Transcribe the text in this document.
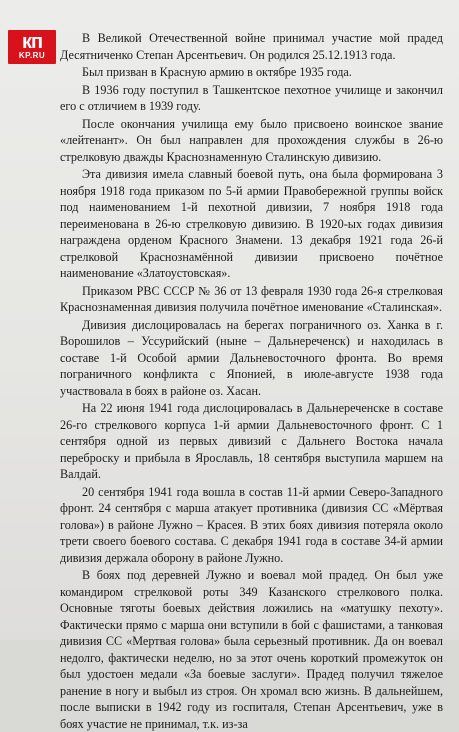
кп
KP.RU

В Великой Отечественной войне принимал участие мой прадед Десятниченко Степан Арсентьевич. Он родился 25.12.1913 года.

Был призван в Красную армию в октябре 1935 года.

В 1936 году поступил в Ташкентское пехотное училище и закончил его с отличием в 1939 году.

После окончания училища ему было присвоено воинское звание «лейтенант». Он был направлен для прохождения службы в 26-ю стрелковую дважды Краснознаменную Сталинскую дивизию.

Эта дивизия имела славный боевой путь, она была формирована 3 ноября 1918 года приказом по 5-й армии Правобережной группы войск под наименованием 1-й пехотной дивизии, 7 ноября 1918 года переименована в 26-ю стрелковую дивизию. В 1920-ых годах дивизия награждена орденом Красного Знамени. 13 декабря 1921 года 26-й стрелковой Краснознамённой дивизии присвоено почётное наименование «Златоустовская».

Приказом РВС СССР № 36 от 13 февраля 1930 года 26-я стрелковая Краснознаменная дивизия получила почётное именование «Сталинская».

Дивизия дислоцировалась на берегах пограничного оз. Ханка в г. Ворошилов – Уссурийский (ныне – Дальнереченск) и находилась в составе 1-й Особой армии Дальневосточного фронта. Во время пограничного конфликта с Японией, в июле-августе 1938 года участвовала в боях в районе оз. Хасан.

На 22 июня 1941 года дислоцировалась в Дальнереченске в составе 26-го стрелкового корпуса 1-й армии Дальневосточного фронт. С 1 сентября одной из первых дивизий с Дальнего Востока начала переброску и прибыла в Ярославль, 18 сентября выступила маршем на Валдай.

20 сентября 1941 года вошла в состав 11-й армии Северо-Западного фронт. 24 сентября с марша атакует противника (дивизия СС «Мёртвая голова») в районе Лужно – Красея. В этих боях дивизия потеряла около трети своего боевого состава. С декабря 1941 года в составе 34-й армии дивизия держала оборону в районе Лужно.

В боях под деревней Лужно и воевал мой прадед. Он был уже командиром стрелковой роты 349 Казанского стрелкового полка. Основные тяготы боевых действия ложились на «матушку пехоту». Фактически прямо с марша они вступили в бой с фашистами, а танковая дивизия СС «Мертвая голова» была серьезный противник. Да он воевал недолго, фактически неделю, но за этот очень короткий промежуток он был удостоен медали «За боевые заслуги». Прадед получил тяжелое ранение в ногу и выбыл из строя. Он хромал всю жизнь. В дальнейшем, после выписки в 1942 году из госпиталя, Степан Арсентьевич, уже в боях участие не принимал, т.к. из-за
